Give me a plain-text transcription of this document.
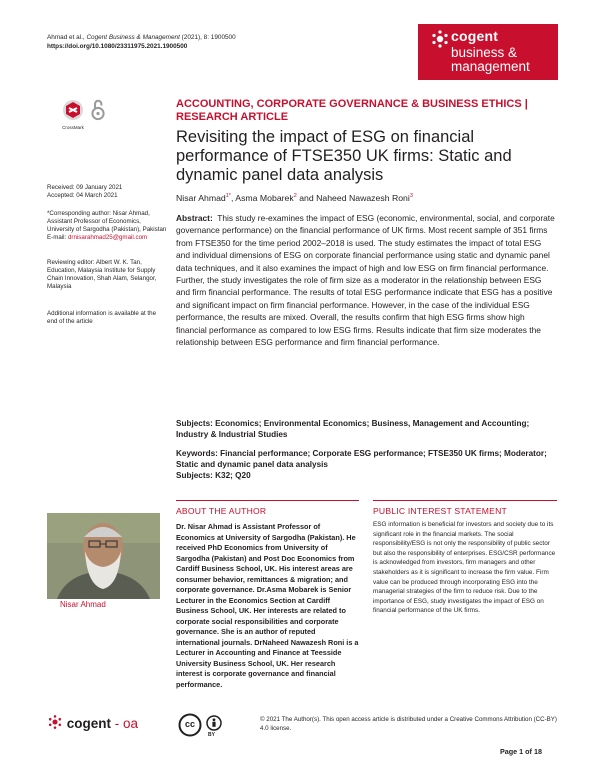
Ahmad et al., Cogent Business & Management (2021), 8: 1900500
https://doi.org/10.1080/23311975.2021.1900500
cogent
business &
management
CrossMark
Received: 09 January 2021
Accepted: 04 March 2021
*Corresponding author: Nisar Ahmad, Assistant Professor of Economics, University of Sargodha (Pakistan), Pakistan
E-mail: drnisarahmad25@gmail.com
Reviewing editor: Albert W. K. Tan, Education, Malaysia Institute for Supply Chain Innovation, Shah Alam, Selangor, Malaysia
Additional information is available at the end of the article
ACCOUNTING, CORPORATE GOVERNANCE & BUSINESS ETHICS | RESEARCH ARTICLE
Revisiting the impact of ESG on financial performance of FTSE350 UK firms: Static and dynamic panel data analysis
Nisar Ahmad$^{1*}$, Asma Mobarek$^2$ and Naheed Nawazesh Roni$^3$
Abstract: This study re-examines the impact of ESG (economic, environmental, social, and corporate governance performance) on the financial performance of UK firms. Most recent sample of 351 firms from FTSE350 for the time period 2002–2018 is used. The study estimates the impact of total ESG and individual dimensions of ESG on corporate financial performance using static and dynamic panel data techniques, and it also examines the impact of high and low ESG on firm financial performance. Further, the study investigates the role of firm size as a moderator in the relationship between ESG and firm financial performance. The results of total ESG performance indicate that ESG has a positive and significant impact on firm financial performance. However, in the case of the individual ESG performance, the results are mixed. Overall, the results confirm that high ESG firms show high financial performance as compared to low ESG firms. Results indicate that firm size moderates the relationship between ESG performance and firm financial performance.
Subjects: Economics; Environmental Economics; Business, Management and Accounting; Industry & Industrial Studies
Keywords: Financial performance; Corporate ESG performance; FTSE350 UK firms; Moderator; Static and dynamic panel data analysis
Subjects: K32; Q20
ABOUT THE AUTHOR
Nisar Ahmad
Dr. Nisar Ahmad is Assistant Professor of Economics at University of Sargodha (Pakistan). He received PhD Economics from University of Sargodha (Pakistan) and Post Doc Economics from Cardiff Business School, UK. His interest areas are consumer behavior, remittances & migration; and corporate governance. Dr.Asma Mobarek is Senior Lecturer in the Economics Section at Cardiff Business School, UK. Her interests are related to corporate social responsibilities and corporate governance. She is an author of reputed international journals. DrNaheed Nawazesh Roni is a Lecturer in Accounting and Finance at Teesside University Business School, UK. Her research interest is corporate governance and financial performance.
PUBLIC INTEREST STATEMENT
ESG information is beneficial for investors and society due to its significant role in the financial markets. The social responsibility/ESG is not only the responsibility of public sector but also the responsibility of enterprises. ESG/CSR performance is acknowledged from investors, firm managers and other stakeholders as it is significant to increase the firm value. Firm value can be produced through incorporating ESG into the managerial strategies of the firm to reduce risk. Due to the importance of ESG, study investigates the impact of ESG on financial performance of the UK firms.
cogent - oa	cc
BY
© 2021 The Author(s). This open access article is distributed under a Creative Commons Attribution (CC-BY) 4.0 license.
Page 1 of 18
